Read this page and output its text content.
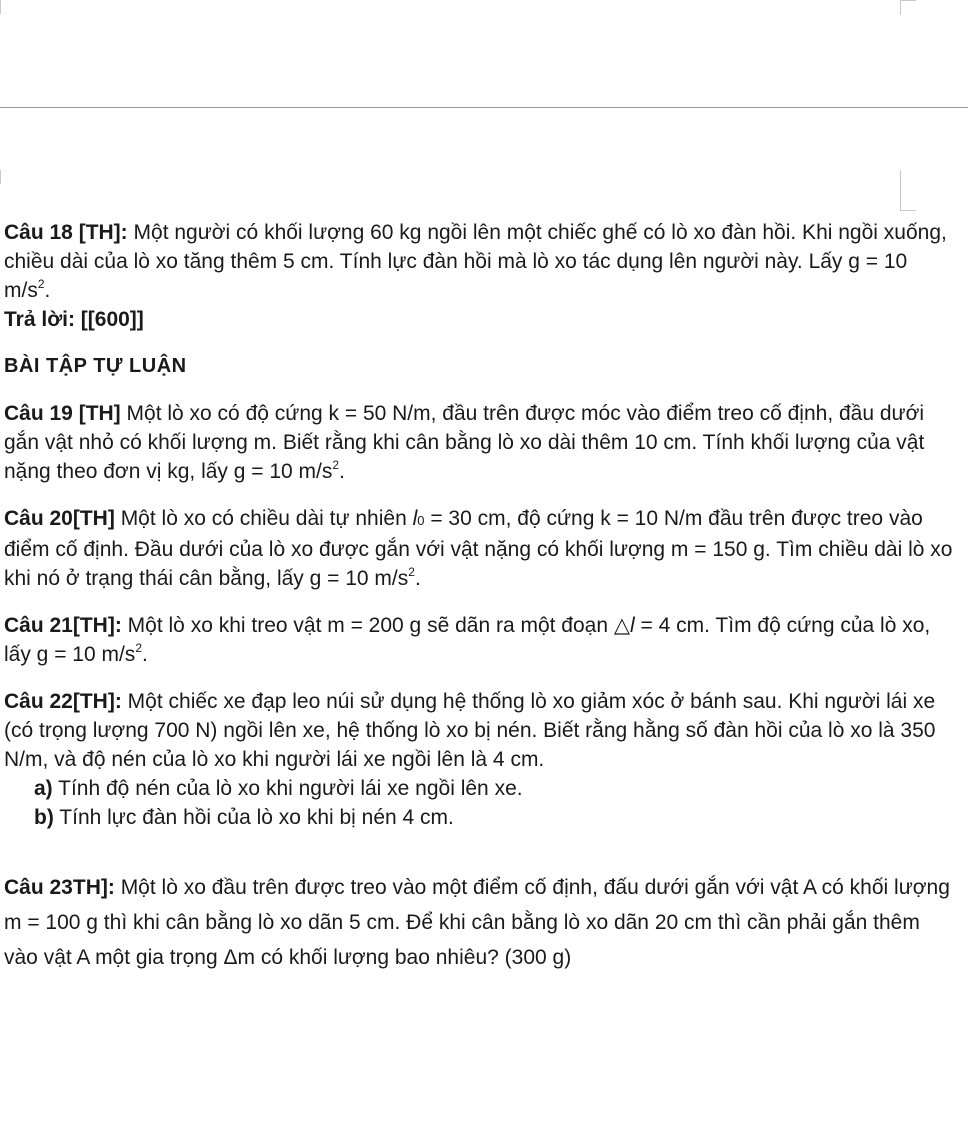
Câu 18 [TH]: Một người có khối lượng 60 kg ngồi lên một chiếc ghế có lò xo đàn hồi. Khi ngồi xuống, chiều dài của lò xo tăng thêm 5 cm. Tính lực đàn hồi mà lò xo tác dụng lên người này. Lấy g = 10 $m/s^2$.

Trả lời: [[600]]

BÀI TẬP TỰ LUẬN

Câu 19 [TH] Một lò xo có độ cứng k = 50 N/m, đầu trên được móc vào điểm treo cố định, đầu dưới gắn vật nhỏ có khối lượng m. Biết rằng khi cân bằng lò xo dài thêm 10 cm. Tính khối lượng của vật nặng theo đơn vị kg, lấy g = 10 $m/s^2$.

Câu 20[TH] Một lò xo có chiều dài tự nhiên l0 = 30 cm, độ cứng k = 10 N/m đầu trên được treo vào điểm cố định. Đầu dưới của lò xo được gắn với vật nặng có khối lượng m = 150 g. Tìm chiều dài lò xo khi nó ở trạng thái cân bằng, lấy g = 10 $m/s^2$.

Câu 21[TH]: Một lò xo khi treo vật m = 200 g sẽ dãn ra một đoạn △l = 4 cm. Tìm độ cứng của lò xo, lấy g = 10 $m/s^2$.

Câu 22[TH]: Một chiếc xe đạp leo núi sử dụng hệ thống lò xo giảm xóc ở bánh sau. Khi người lái xe (có trọng lượng 700 N) ngồi lên xe, hệ thống lò xo bị nén. Biết rằng hằng số đàn hồi của lò xo là 350 N/m, và độ nén của lò xo khi người lái xe ngồi lên là 4 cm.

a) Tính độ nén của lò xo khi người lái xe ngồi lên xe.

b) Tính lực đàn hồi của lò xo khi bị nén 4 cm.

Câu 23TH]: Một lò xo đầu trên được treo vào một điểm cố định, đấu dưới gắn với vật A có khối lượng m = 100 g thì khi cân bằng lò xo dãn 5 cm. Để khi cân bằng lò xo dãn 20 cm thì cần phải gắn thêm vào vật A một gia trọng Δm có khối lượng bao nhiêu? (300 g)
